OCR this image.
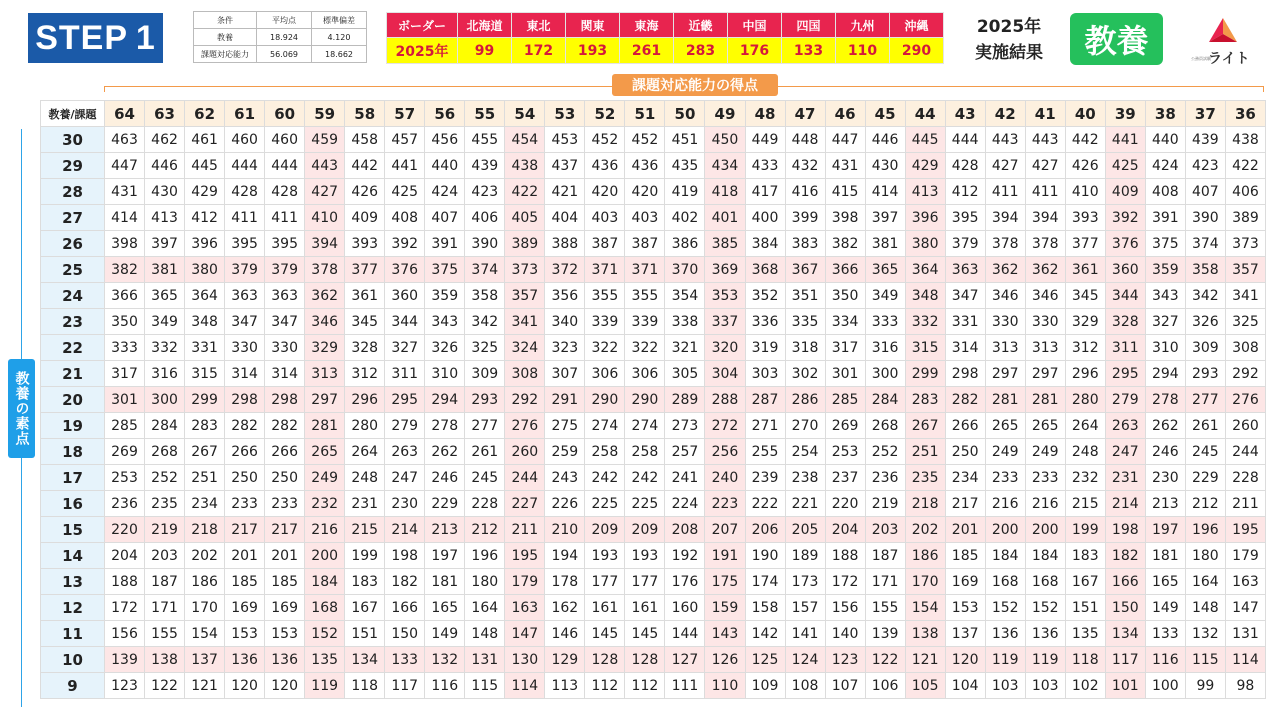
STEP 1	条件	平均点	標準偏差
教養	18.924	4.120
課題対応能力	56.069	18.662
ボーダー	北海道	東北	関東	東海	近畿	中国	四国	九州	沖縄
2025年	99	172	193	261	283	176	133	110	290
2025年
実施結果	教養	公務員試験
ライト
課題対応能力の得点
教養の素点
教養/課題	64	63	62	61	60	59	58	57	56	55	54	53	52	51	50	49	48	47	46	45	44	43	42	41	40	39	38	37	36
30	463	462	461	460	460	459	458	457	456	455	454	453	452	452	451	450	449	448	447	446	445	444	443	443	442	441	440	439	438
29	447	446	445	444	444	443	442	441	440	439	438	437	436	436	435	434	433	432	431	430	429	428	427	427	426	425	424	423	422
28	431	430	429	428	428	427	426	425	424	423	422	421	420	420	419	418	417	416	415	414	413	412	411	411	410	409	408	407	406
27	414	413	412	411	411	410	409	408	407	406	405	404	403	403	402	401	400	399	398	397	396	395	394	394	393	392	391	390	389
26	398	397	396	395	395	394	393	392	391	390	389	388	387	387	386	385	384	383	382	381	380	379	378	378	377	376	375	374	373
25	382	381	380	379	379	378	377	376	375	374	373	372	371	371	370	369	368	367	366	365	364	363	362	362	361	360	359	358	357
24	366	365	364	363	363	362	361	360	359	358	357	356	355	355	354	353	352	351	350	349	348	347	346	346	345	344	343	342	341
23	350	349	348	347	347	346	345	344	343	342	341	340	339	339	338	337	336	335	334	333	332	331	330	330	329	328	327	326	325
22	333	332	331	330	330	329	328	327	326	325	324	323	322	322	321	320	319	318	317	316	315	314	313	313	312	311	310	309	308
21	317	316	315	314	314	313	312	311	310	309	308	307	306	306	305	304	303	302	301	300	299	298	297	297	296	295	294	293	292
20	301	300	299	298	298	297	296	295	294	293	292	291	290	290	289	288	287	286	285	284	283	282	281	281	280	279	278	277	276
19	285	284	283	282	282	281	280	279	278	277	276	275	274	274	273	272	271	270	269	268	267	266	265	265	264	263	262	261	260
18	269	268	267	266	266	265	264	263	262	261	260	259	258	258	257	256	255	254	253	252	251	250	249	249	248	247	246	245	244
17	253	252	251	250	250	249	248	247	246	245	244	243	242	242	241	240	239	238	237	236	235	234	233	233	232	231	230	229	228
16	236	235	234	233	233	232	231	230	229	228	227	226	225	225	224	223	222	221	220	219	218	217	216	216	215	214	213	212	211
15	220	219	218	217	217	216	215	214	213	212	211	210	209	209	208	207	206	205	204	203	202	201	200	200	199	198	197	196	195
14	204	203	202	201	201	200	199	198	197	196	195	194	193	193	192	191	190	189	188	187	186	185	184	184	183	182	181	180	179
13	188	187	186	185	185	184	183	182	181	180	179	178	177	177	176	175	174	173	172	171	170	169	168	168	167	166	165	164	163
12	172	171	170	169	169	168	167	166	165	164	163	162	161	161	160	159	158	157	156	155	154	153	152	152	151	150	149	148	147
11	156	155	154	153	153	152	151	150	149	148	147	146	145	145	144	143	142	141	140	139	138	137	136	136	135	134	133	132	131
10	139	138	137	136	136	135	134	133	132	131	130	129	128	128	127	126	125	124	123	122	121	120	119	119	118	117	116	115	114
9	123	122	121	120	120	119	118	117	116	115	114	113	112	112	111	110	109	108	107	106	105	104	103	103	102	101	100	99	98
